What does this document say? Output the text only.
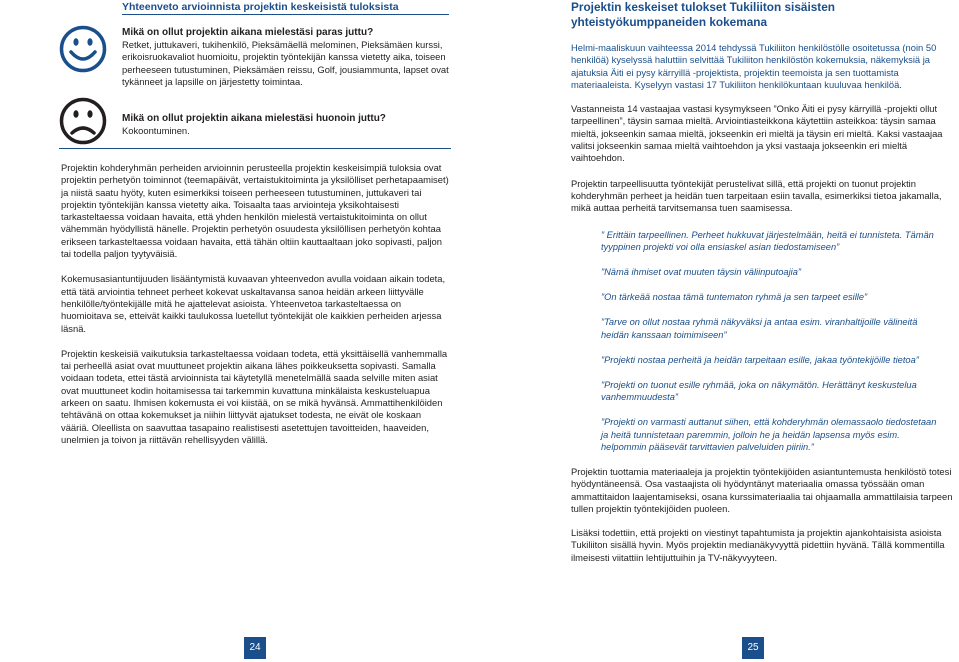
Yhteenveto arvioinnista projektin keskeisistä tuloksista
Mikä on ollut projektin aikana mielestäsi paras juttu?

Retket, juttukaveri, tukihenkilö, Pieksämäellä melominen, Pieksämäen kurssi, erikoisruokavaliot huomioitu, projektin työntekijän kanssa vietetty aika, toiseen perheeseen tutustuminen, Pieksämäen reissu, Golf, jousiammunta, lapset ovat tykänneet ja lapsille on järjestetty toimintaa.

Mikä on ollut projektin aikana mielestäsi huonoin juttu?

Kokoontuminen.

Projektin kohderyhmän perheiden arvioinnin perusteella projektin keskeisimpiä tuloksia ovat projektin perhetyön toiminnot (teemapäivät, vertaistukitoiminta ja yksilölliset perhetapaamiset) ja niistä saatu hyöty, kuten esimerkiksi toiseen perheeseen tutustuminen, juttukaveri tai projektin työntekijän kanssa vietetty aika. Toisaalta taas arviointeja yksikohtaisesti tarkasteltaessa voidaan havaita, että yhden henkilön mielestä vertaistukitoiminta on ollut vähemmän hyödyllistä hänelle. Projektin perhetyön osuudesta yksilöllisen perhetyön kohtaa erikseen tarkasteltaessa voidaan havaita, että tähän oltiin kauttaaltaan joko sopivasti, paljon tai todella paljon tyytyväisiä.

Kokemusasiantuntijuuden lisääntymistä kuvaavan yhteenvedon avulla voidaan aikain todeta, että tätä arviointia tehneet perheet kokevat uskaltavansa sanoa heidän arkeen liittyvälle henkilölle/työntekijälle mitä he ajattelevat asioista. Yhteenvetoa tarkasteltaessa on huomioitava se, etteivät kaikki taulukossa luetellut työntekijät ole kaikkien perheiden arjessa läsnä.

Projektin keskeisiä vaikutuksia tarkasteltaessa voidaan todeta, että yksittäisellä vanhemmalla tai perheellä asiat ovat muuttuneet projektin aikana lähes poikkeuksetta sopivasti. Samalla voidaan todeta, ettei tästä arvioinnista tai käytetyllä menetelmällä saada selville miten asiat ovat muuttuneet kodin hoitamisessa tai tarkemmin kuvattuna minkälaista keskusteluapua arkeen on saatu. Ihmisen kokemusta ei voi kiistää, on se mikä hyvänsä. Ammattihenkilöiden tehtävänä on ottaa kokemukset ja niihin liittyvät ajatukset todesta, ne eivät ole koskaan vääriä. Oleellista on saavuttaa tasapaino realistisesti asetettujen tavoitteiden, haaveiden, unelmien ja toivon ja riittävän rehellisyyden välillä.

24
Projektin keskeiset tulokset Tukiliiton sisäisten yhteistyökumppaneiden kokemana

Helmi-maaliskuun vaihteessa 2014 tehdyssä Tukiliiton henkilöstölle osoitetussa (noin 50 henkilöä) kyselyssä haluttiin selvittää Tukiliiton henkilöstön kokemuksia, näkemyksiä ja ajatuksia Äiti ei pysy kärryillä -projektista, projektin teemoista ja sen tuottamista materiaaleista. Kyselyyn vastasi 17 Tukiliiton henkilökuntaan kuuluvaa henkilöä.

Vastanneista 14 vastaajaa vastasi kysymykseen ”Onko Äiti ei pysy kärryillä -projekti ollut tarpeellinen”, täysin samaa mieltä. Arviointiasteikkona käytettiin asteikkoa: täysin samaa mieltä, jokseenkin samaa mieltä, jokseenkin eri mieltä ja täysin eri mieltä. Kaksi vastaajaa valitsi jokseenkin samaa mieltä vaihtoehdon ja yksi vastaaja jokseenkin eri mieltä vaihtoehdon.

Projektin tarpeellisuutta työntekijät perustelivat sillä, että projekti on tuonut projektin kohderyhmän perheet ja heidän tuen tarpeitaan esiin tavalla, esimerkiksi tietoa jakamalla, mikä auttaa perheitä tarvitsemansa tuen saamisessa.

” Erittäin tarpeellinen. Perheet hukkuvat järjestelmään, heitä ei tunnisteta. Tämän tyyppinen projekti voi olla ensiaskel asian tiedostamiseen”

”Nämä ihmiset ovat muuten täysin väliinputoajia”

”On tärkeää nostaa tämä tuntematon ryhmä ja sen tarpeet esille”

”Tarve on ollut nostaa ryhmä näkyväksi ja antaa esim. viranhaltijoille välineitä heidän kanssaan toimimiseen”

”Projekti nostaa perheitä ja heidän tarpeitaan esille, jakaa työntekijöille tietoa”

”Projekti on tuonut esille ryhmää, joka on näkymätön. Herättänyt keskustelua vanhemmuudesta”

”Projekti on varmasti auttanut siihen, että kohderyhmän olemassaolo tiedostetaan ja heitä tunnistetaan paremmin, jolloin he ja heidän lapsensa myös esim. helpommin pääsevät tarvittavien palveluiden piiriin.”

Projektin tuottamia materiaaleja ja projektin työntekijöiden asiantuntemusta henkilöstö totesi hyödyntäneensä. Osa vastaajista oli hyödyntänyt materiaalia omassa työssään oman ammattitaidon laajentamiseksi, osana kurssimateriaalia tai ohjaamalla ammattilaisia tarpeen tullen projektin työntekijöiden puoleen.

Lisäksi todettiin, että projekti on viestinyt tapahtumista ja projektin ajankohtaisista asioista Tukiliiton sisällä hyvin. Myös projektin medianäkyvyyttä pidettiin hyvänä. Tällä kommentilla ilmeisesti viitattiin lehtijuttuihin ja TV-näkyvyyteen.

25
